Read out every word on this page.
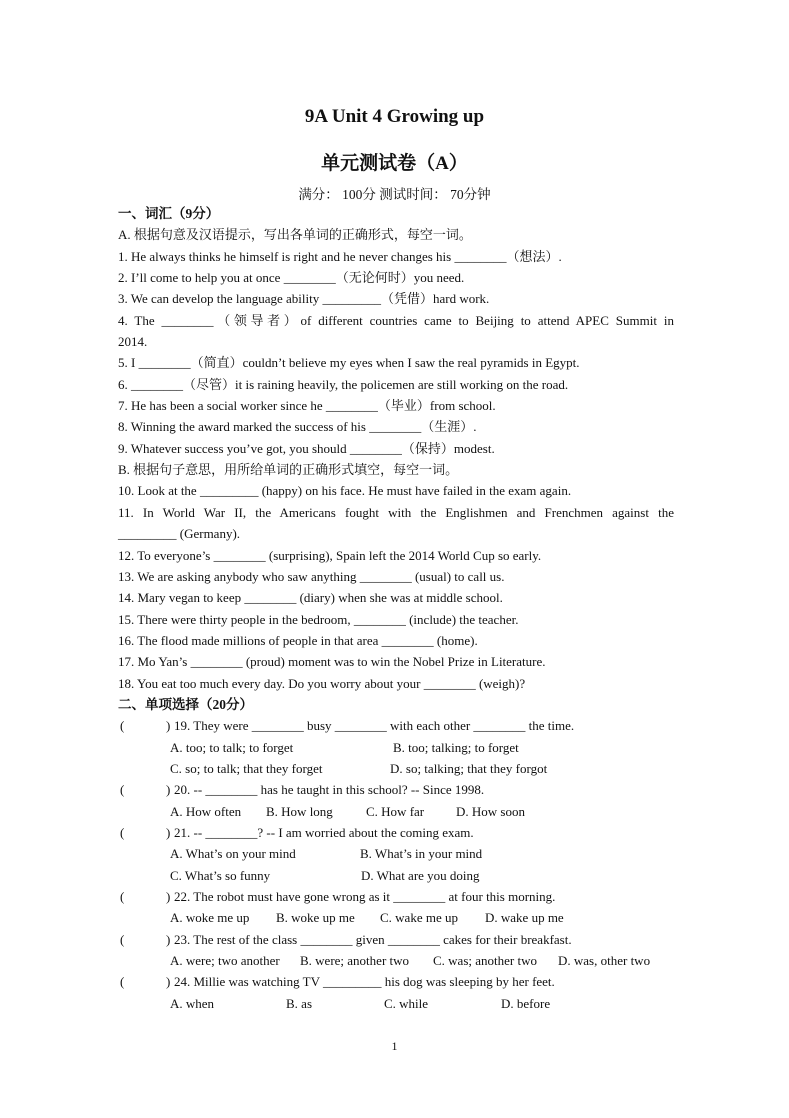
9A Unit 4 Growing up
单元测试卷（A）
满分： 100分 测试时间： 70分钟
一、词汇（9分）
A. 根据句意及汉语提示，写出各单词的正确形式，每空一词。
1. He always thinks he himself is right and he never changes his ________（想法）.
2. I’ll come to help you at once ________（无论何时）you need.
3. We can develop the language ability _________（凭借）hard work.
4. The ________（领导者）of different countries came to Beijing to attend APEC Summit in
2014.
5. I ________（简直）couldn’t believe my eyes when I saw the real pyramids in Egypt.
6. ________（尽管）it is raining heavily, the policemen are still working on the road.
7. He has been a social worker since he ________（毕业）from school.
8. Winning the award marked the success of his ________（生涯）.
9. Whatever success you’ve got, you should ________（保持）modest.
B. 根据句子意思，用所给单词的正确形式填空，每空一词。
10. Look at the _________ (happy) on his face. He must have failed in the exam again.
11. In World War II, the Americans fought with the Englishmen and Frenchmen against the
_________ (Germany).
12. To everyone’s ________ (surprising), Spain left the 2014 World Cup so early.
13. We are asking anybody who saw anything ________ (usual) to call us.
14. Mary vegan to keep ________ (diary) when she was at middle school.
15. There were thirty people in the bedroom, ________ (include) the teacher.
16. The flood made millions of people in that area ________ (home).
17. Mo Yan’s ________ (proud) moment was to win the Nobel Prize in Literature.
18. You eat too much every day. Do you worry about your ________ (weigh)?
二、单项选择（20分）
(	) 19. They were ________ busy ________ with each other ________ the time.
A. too; to talk; to forget	B. too; talking; to forget
C. so; to talk; that they forget	D. so; talking; that they forgot
(	) 20. -- ________ has he taught in this school? -- Since 1998.
A. How often B. How long	C. How far D. How soon
(	) 21. -- ________? -- I am worried about the coming exam.
A. What’s on your mind	B. What’s in your mind
C. What’s so funny	D. What are you doing
(	) 22. The robot must have gone wrong as it ________ at four this morning.
A. woke me up B. woke up me C. wake me up D. wake up me
(	) 23. The rest of the class ________ given ________ cakes for their breakfast.
A. were; two another B. were; another two C. was; another two D. was, other two
(	) 24. Millie was watching TV _________ his dog was sleeping by her feet.
A. when	B. as	C. while	D. before
1
